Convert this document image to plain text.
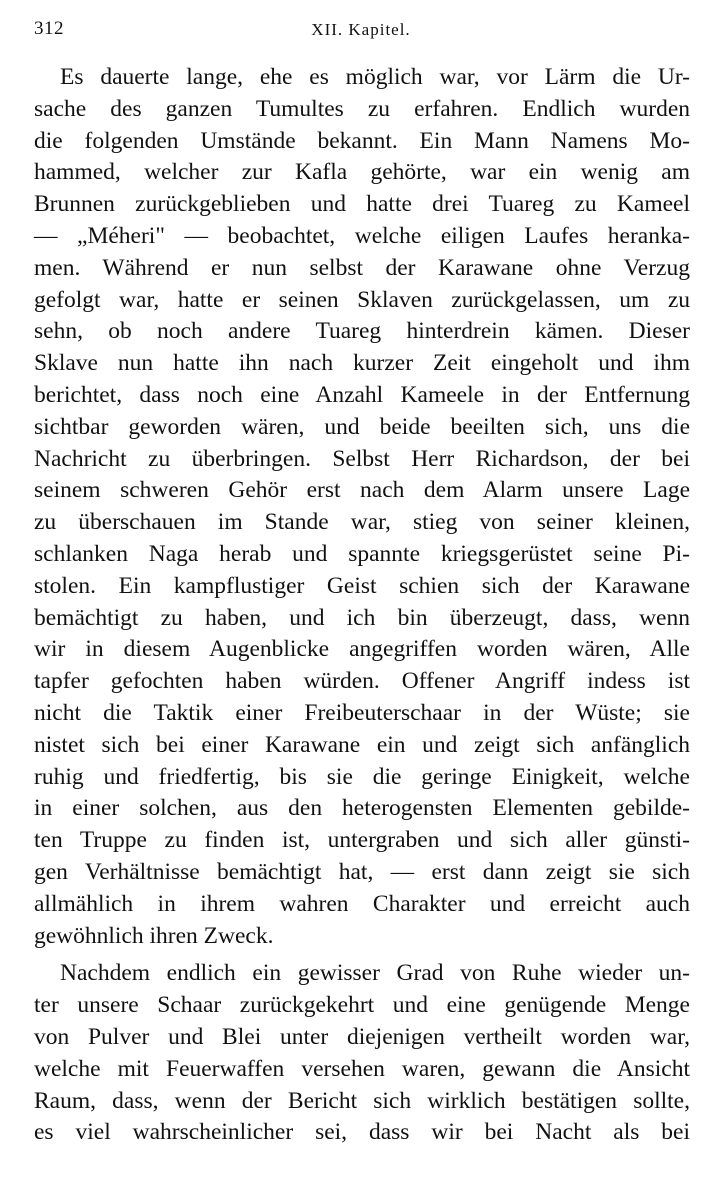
312	XII. Kapitel.
Es dauerte lange, ehe es möglich war, vor Lärm die Ur-
sache des ganzen Tumultes zu erfahren. Endlich wurden
die folgenden Umstände bekannt. Ein Mann Namens Mo-
hammed, welcher zur Kafla gehörte, war ein wenig am
Brunnen zurückgeblieben und hatte drei Tuareg zu Kameel
— „Méheri" — beobachtet, welche eiligen Laufes heranka-
men. Während er nun selbst der Karawane ohne Verzug
gefolgt war, hatte er seinen Sklaven zurückgelassen, um zu
sehn, ob noch andere Tuareg hinterdrein kämen. Dieser
Sklave nun hatte ihn nach kurzer Zeit eingeholt und ihm
berichtet, dass noch eine Anzahl Kameele in der Entfernung
sichtbar geworden wären, und beide beeilten sich, uns die
Nachricht zu überbringen. Selbst Herr Richardson, der bei
seinem schweren Gehör erst nach dem Alarm unsere Lage
zu überschauen im Stande war, stieg von seiner kleinen,
schlanken Naga herab und spannte kriegsgerüstet seine Pi-
stolen. Ein kampflustiger Geist schien sich der Karawane
bemächtigt zu haben, und ich bin überzeugt, dass, wenn
wir in diesem Augenblicke angegriffen worden wären, Alle
tapfer gefochten haben würden. Offener Angriff indess ist
nicht die Taktik einer Freibeuterschaar in der Wüste; sie
nistet sich bei einer Karawane ein und zeigt sich anfänglich
ruhig und friedfertig, bis sie die geringe Einigkeit, welche
in einer solchen, aus den heterogensten Elementen gebilde-
ten Truppe zu finden ist, untergraben und sich aller günsti-
gen Verhältnisse bemächtigt hat, — erst dann zeigt sie sich
allmählich in ihrem wahren Charakter und erreicht auch
gewöhnlich ihren Zweck.
Nachdem endlich ein gewisser Grad von Ruhe wieder un-
ter unsere Schaar zurückgekehrt und eine genügende Menge
von Pulver und Blei unter diejenigen vertheilt worden war,
welche mit Feuerwaffen versehen waren, gewann die Ansicht
Raum, dass, wenn der Bericht sich wirklich bestätigen sollte,
es viel wahrscheinlicher sei, dass wir bei Nacht als bei
